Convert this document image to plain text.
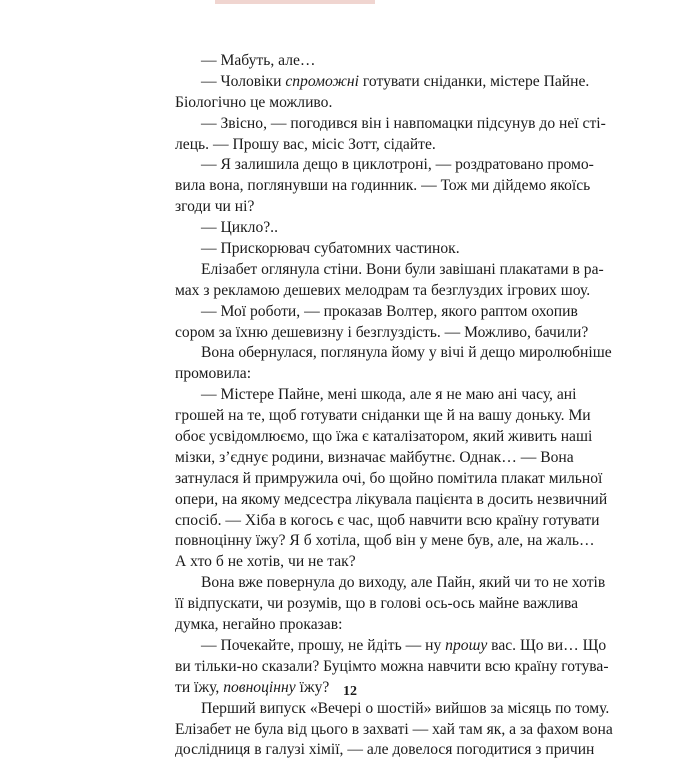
— Мабуть, але…
— Чоловіки спроможні готувати сніданки, містере Пайне.
Біологічно це можливо.
— Звісно, — погодився він і навпомацки підсунув до неї сті-
лець. — Прошу вас, місіс Зотт, сідайте.
— Я залишила дещо в циклотроні, — роздратовано промо-
вила вона, поглянувши на годинник. — Тож ми дійдемо якоїсь
згоди чи ні?
— Цикло?..
— Прискорювач субатомних частинок.
Елізабет оглянула стіни. Вони були завішані плакатами в ра-
мах з рекламою дешевих мелодрам та безглуздих ігрових шоу.
— Мої роботи, — проказав Волтер, якого раптом охопив
сором за їхню дешевизну і безглуздість. — Можливо, бачили?
Вона обернулася, поглянула йому у вічі й дещо миролюбніше
промовила:
— Містере Пайне, мені шкода, але я не маю ані часу, ані
грошей на те, щоб готувати сніданки ще й на вашу доньку. Ми
обоє усвідомлюємо, що їжа є каталізатором, який живить наші
мізки, з’єднує родини, визначає майбутнє. Однак… — Вона
затнулася й примружила очі, бо щойно помітила плакат мильної
опери, на якому медсестра лікувала пацієнта в досить незвичний
спосіб. — Хіба в когось є час, щоб навчити всю країну готувати
повноцінну їжу? Я б хотіла, щоб він у мене був, але, на жаль…
А хто б не хотів, чи не так?
Вона вже повернула до виходу, але Пайн, який чи то не хотів
її відпускати, чи розумів, що в голові ось-ось майне важлива
думка, негайно проказав:
— Почекайте, прошу, не йдіть — ну прошу вас. Що ви… Що
ви тільки-но сказали? Буцімто можна навчити всю країну готува-
ти їжу, повноцінну їжу?
Перший випуск «Вечері о шостій» вийшов за місяць по тому.
Елізабет не була від цього в захваті — хай там як, а за фахом вона
дослідниця в галузі хімії, — але довелося погодитися з причин
12
